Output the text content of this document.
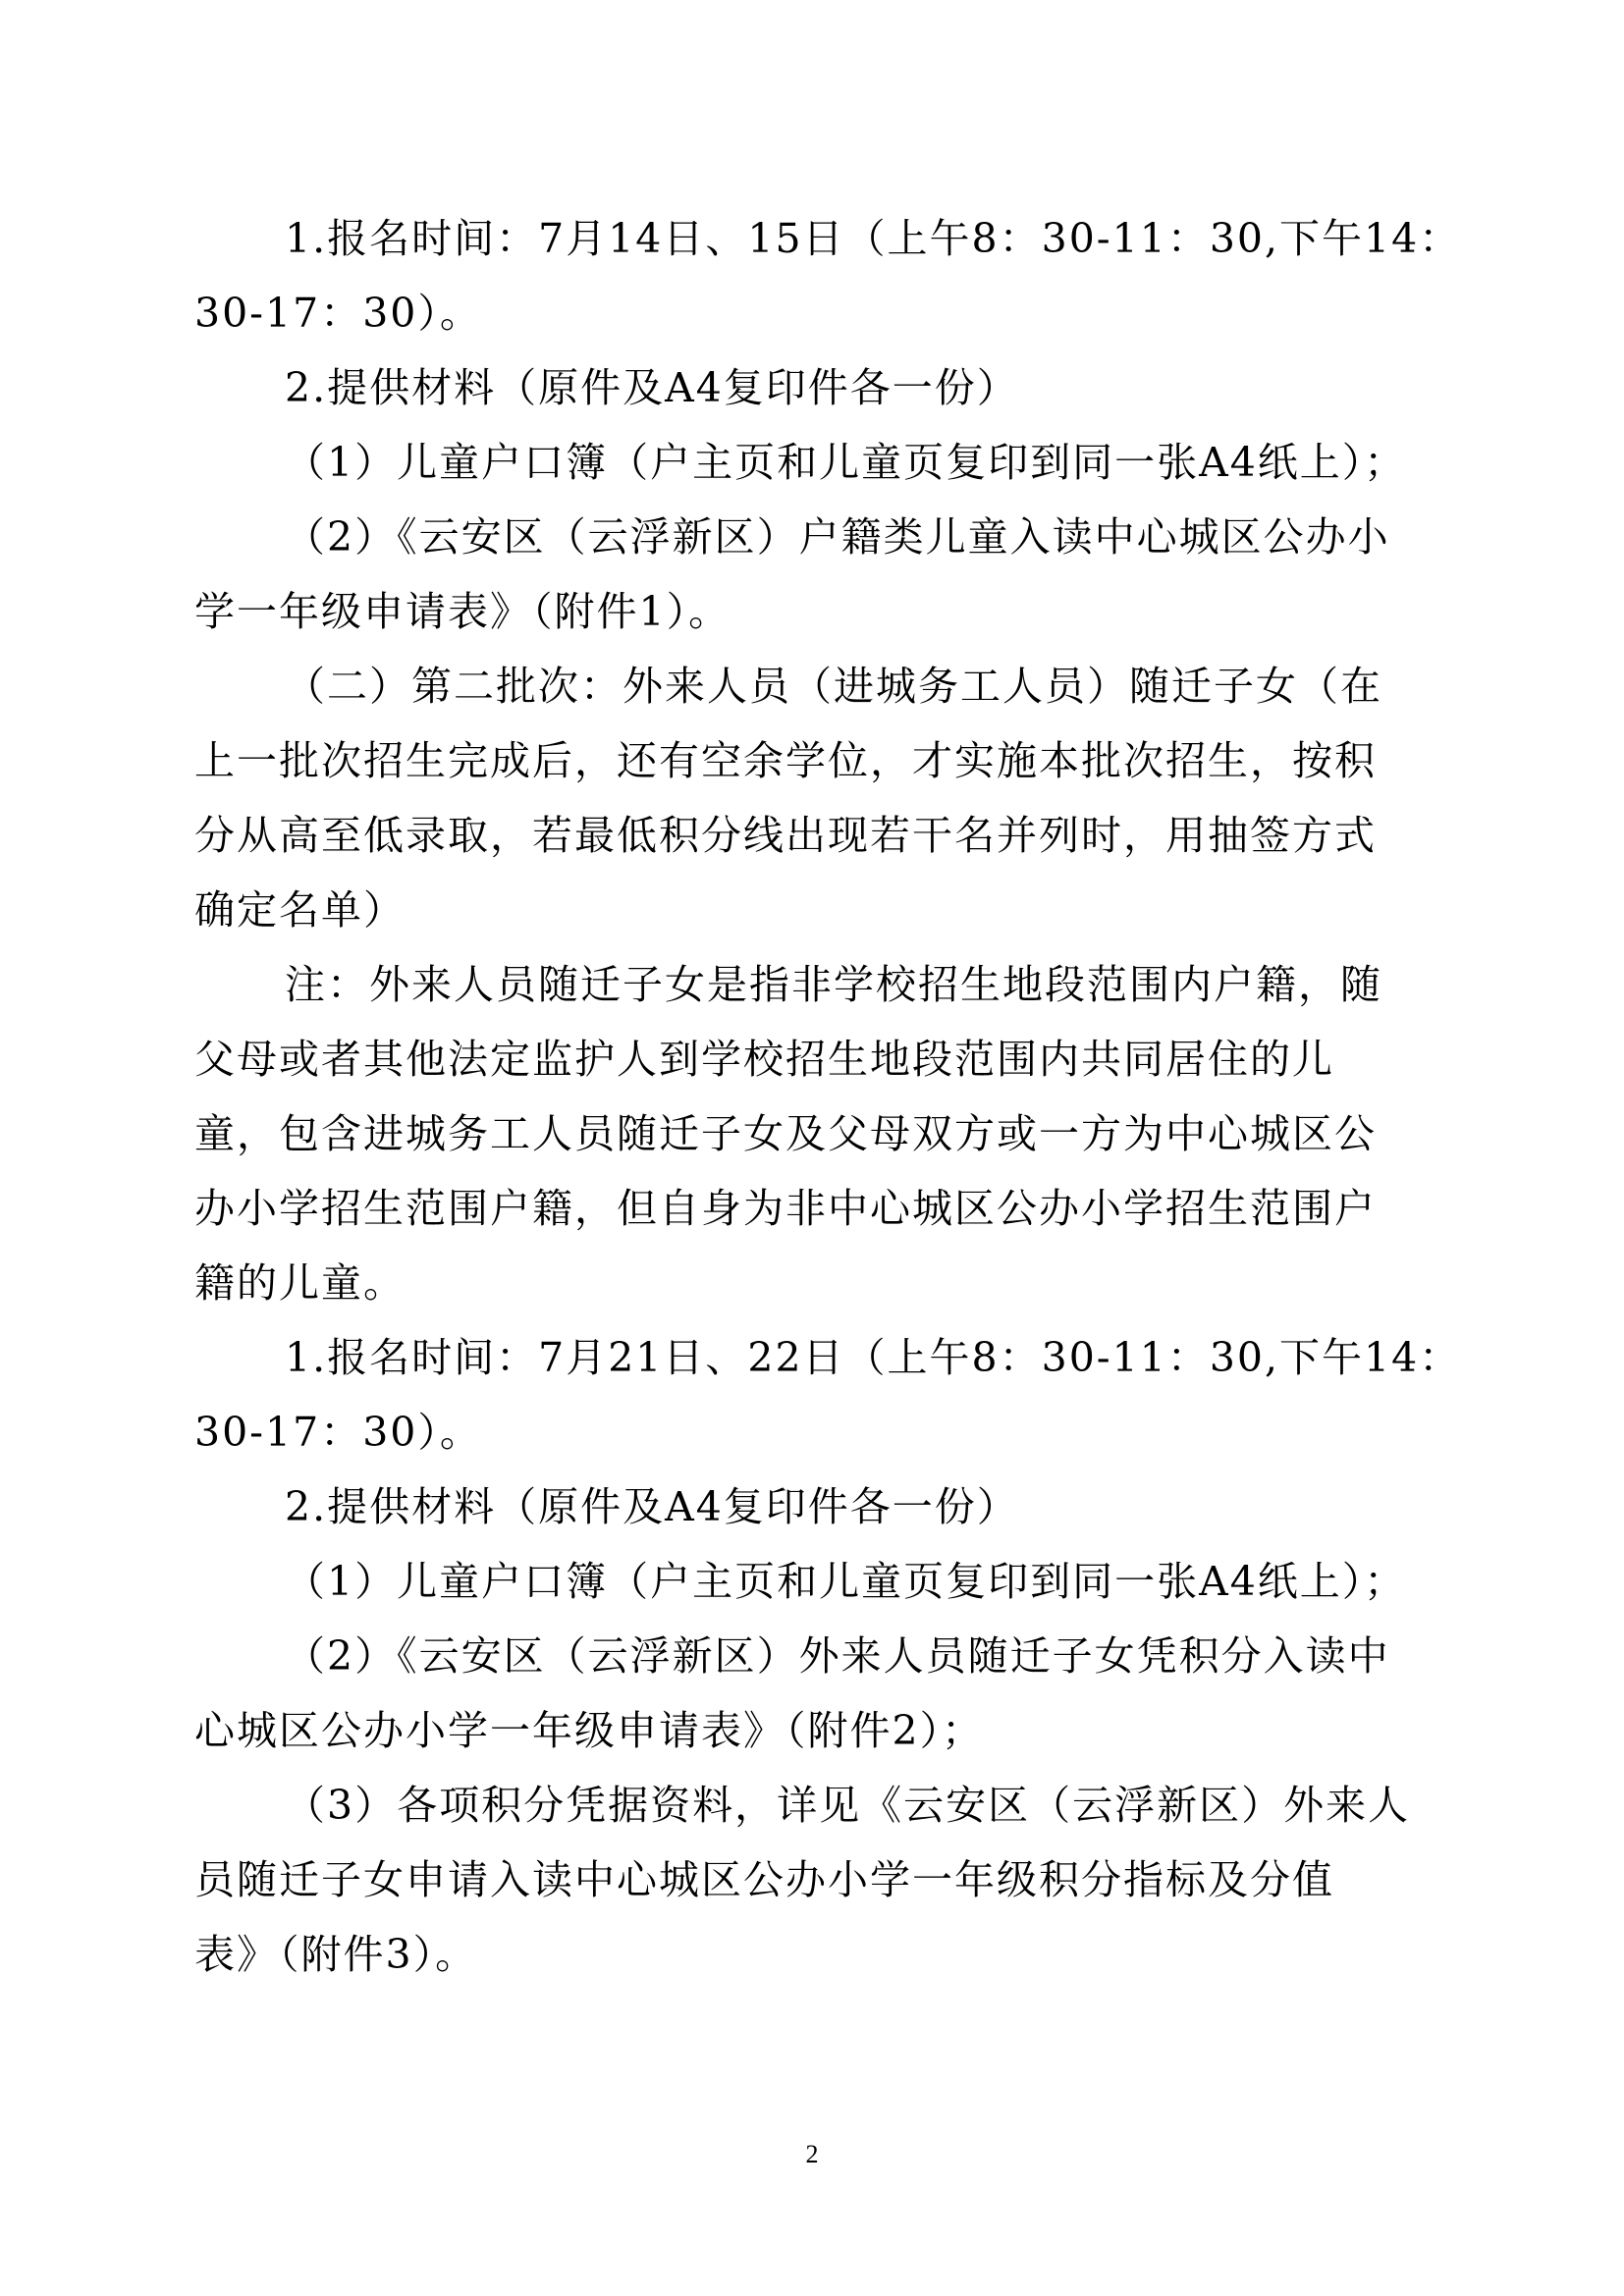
1.报名时间：7月14日、15日（上午8：30-11：30,下午14：
30-17：30）。
2.提供材料（原件及A4复印件各一份）
（1）儿童户口簿（户主页和儿童页复印到同一张A4纸上）；
（2）《云安区（云浮新区）户籍类儿童入读中心城区公办小
学一年级申请表》（附件1）。
（二）第二批次：外来人员（进城务工人员）随迁子女（在
上一批次招生完成后，还有空余学位，才实施本批次招生，按积
分从高至低录取，若最低积分线出现若干名并列时，用抽签方式
确定名单）
注：外来人员随迁子女是指非学校招生地段范围内户籍，随
父母或者其他法定监护人到学校招生地段范围内共同居住的儿
童，包含进城务工人员随迁子女及父母双方或一方为中心城区公
办小学招生范围户籍，但自身为非中心城区公办小学招生范围户
籍的儿童。
1.报名时间：7月21日、22日（上午8：30-11：30,下午14：
30-17：30）。
2.提供材料（原件及A4复印件各一份）
（1）儿童户口簿（户主页和儿童页复印到同一张A4纸上）；
（2）《云安区（云浮新区）外来人员随迁子女凭积分入读中
心城区公办小学一年级申请表》（附件2）；
（3）各项积分凭据资料，详见《云安区（云浮新区）外来人
员随迁子女申请入读中心城区公办小学一年级积分指标及分值
表》（附件3）。
2
